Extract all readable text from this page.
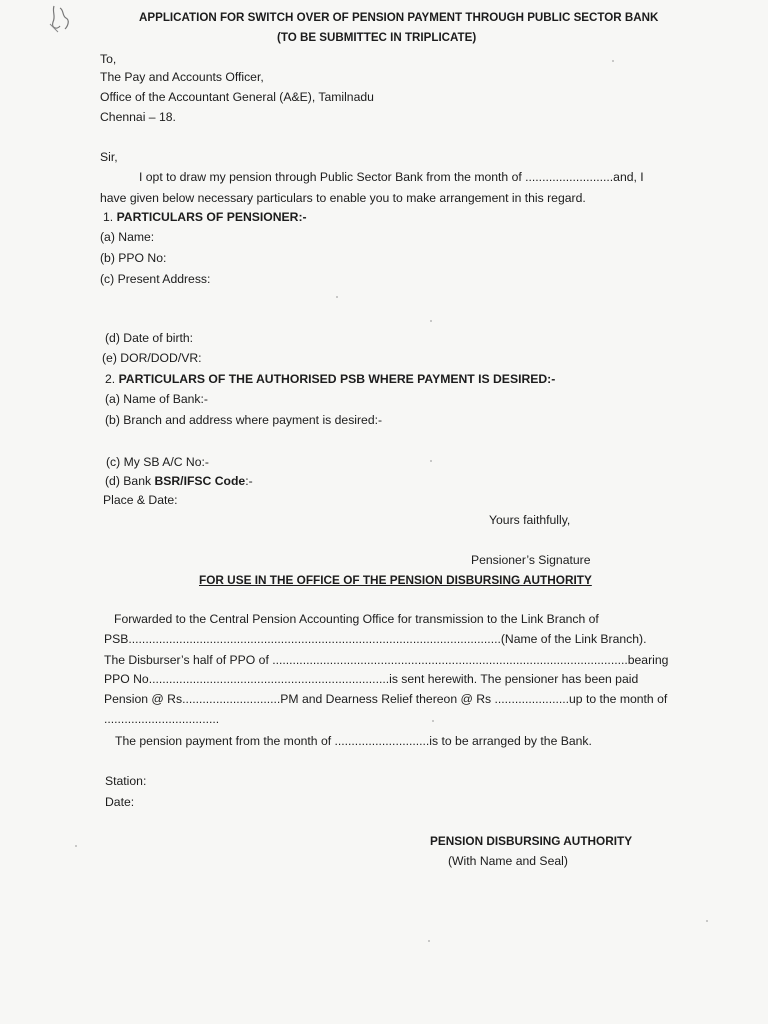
APPLICATION FOR SWITCH OVER OF PENSION PAYMENT THROUGH PUBLIC SECTOR BANK
(TO BE SUBMITTEC IN TRIPLICATE)
To,
The Pay and Accounts Officer,
Office of the Accountant General (A&E), Tamilnadu
Chennai – 18.
Sir,
I opt to draw my pension through Public Sector Bank from the month of ..........................and, I
have given below necessary particulars to enable you to make arrangement in this regard.
1. PARTICULARS OF PENSIONER:-
(a) Name:
(b) PPO No:
(c) Present Address:
(d) Date of birth:
(e) DOR/DOD/VR:
2. PARTICULARS OF THE AUTHORISED PSB WHERE PAYMENT IS DESIRED:-
(a) Name of Bank:-
(b) Branch and address where payment is desired:-
(c) My SB A/C No:-
(d) Bank BSR/IFSC Code:-
Place & Date:
Yours faithfully,
Pensioner’s Signature
FOR USE IN THE OFFICE OF THE PENSION DISBURSING AUTHORITY
Forwarded to the Central Pension Accounting Office for transmission to the Link Branch of
PSB..............................................................................................................(Name of the Link Branch).
The Disburser’s half of PPO of .........................................................................................................bearing
PPO No.......................................................................is sent herewith. The pensioner has been paid
Pension @ Rs.............................PM and Dearness Relief thereon @ Rs ......................up to the month of
..................................
The pension payment from the month of ............................is to be arranged by the Bank.
Station:
Date:
PENSION DISBURSING AUTHORITY
(With Name and Seal)
